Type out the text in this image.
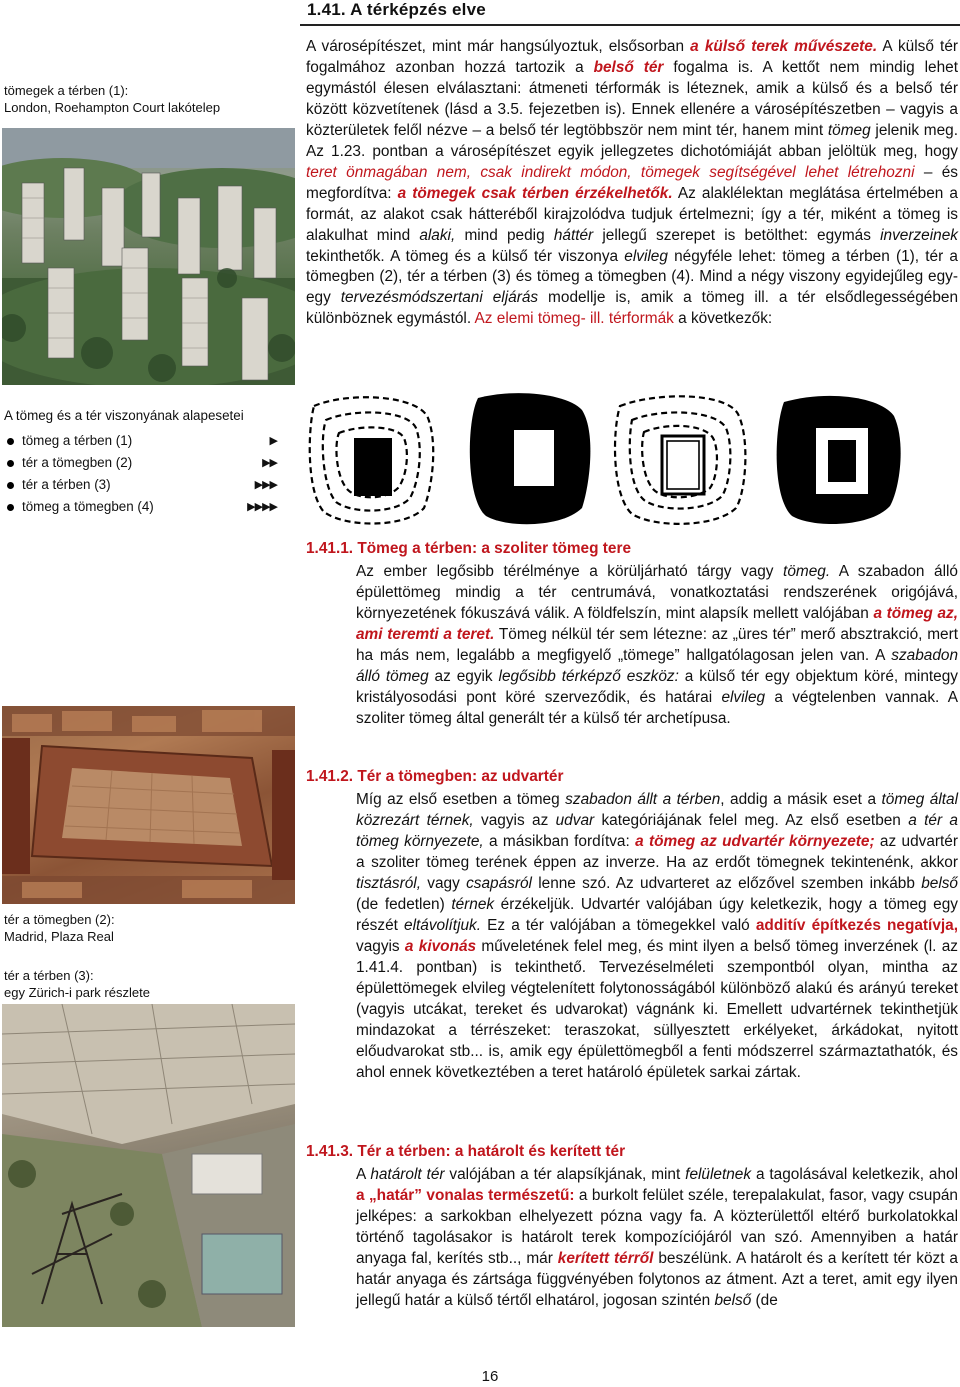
1.41. A térképzés elve
tömegek a térben (1):
London, Roehampton Court lakótelep
A városépítészet, mint már hangsúlyoztuk, elsősorban a külső terek művészete. A külső tér fogalmához azonban hozzá tartozik a belső tér fogalma is. A kettőt nem mindig lehet egymástól élesen elválasztani: átmeneti térformák is léteznek, amik a külső és a belső tér között közvetítenek (lásd a 3.5. fejezetben is). Ennek ellenére a városépítészetben – vagyis a közterületek felől nézve – a belső tér legtöbbször nem mint tér, hanem mint tömeg jelenik meg. Az 1.23. pontban a városépítészet egyik jellegzetes dichotómiáját abban jelöltük meg, hogy teret önmagában nem, csak indirekt módon, tömegek segítségével lehet létrehozni – és megfordítva: a tömegek csak térben érzékelhetők. Az alaklélektan meglátása értelmében a formát, az alakot csak hátteréből kirajzolódva tudjuk értelmezni; így a tér, miként a tömeg is alakulhat mind alaki, mind pedig háttér jellegű szerepet is betölthet: egymás inverzeinek tekinthetők. A tömeg és a külső tér viszonya elvileg négyféle lehet: tömeg a térben (1), tér a tömegben (2), tér a térben (3) és tömeg a tömegben (4). Mind a négy viszony egyidejűleg egy-egy tervezésmódszertani eljárás modellje is, amik a tömeg ill. a tér elsődlegességében különböznek egymástól. Az elemi tömeg- ill. térformák a következők:
A tömeg és a tér viszonyának alapesetei
tömeg a térben (1)	▶
tér a tömegben (2)	▶▶
tér a térben (3)	▶▶▶
tömeg a tömegben (4)	▶▶▶▶
tér a tömegben (2):
Madrid, Plaza Real
tér a térben (3):
egy Zürich-i park részlete
1.41.1. Tömeg a térben: a szoliter tömeg tere
Az ember legősibb térélménye a körüljárható tárgy vagy tömeg. A szabadon álló épülettömeg mindig a tér centrumává, vonatkoztatási rendszerének origójává, környezetének fókuszává válik. A földfelszín, mint alapsík mellett valójában a tömeg az, ami teremti a teret. Tömeg nélkül tér sem létezne: az „üres tér” merő absztrakció, mert ha más nem, legalább a megfigyelő „tömege” hallgatólagosan jelen van. A szabadon álló tömeg az egyik legősibb térképző eszköz: a külső tér egy objektum köré, mintegy kristályosodási pont köré szerveződik, és határai elvileg a végtelenben vannak. A szoliter tömeg által generált tér a külső tér archetípusa.
1.41.2. Tér a tömegben: az udvartér
Míg az első esetben a tömeg szabadon állt a térben, addig a másik eset a tömeg által közrezárt térnek, vagyis az udvar kategóriájának felel meg. Az első esetben a tér a tömeg környezete, a másikban fordítva: a tömeg az udvartér környezete; az udvartér a szoliter tömeg terének éppen az inverze. Ha az erdőt tömegnek tekintenénk, akkor tisztásról, vagy csapásról lenne szó. Az udvarteret az előzővel szemben inkább belső (de fedetlen) térnek érzékeljük. Udvartér valójában úgy keletkezik, hogy a tömeg egy részét eltávolítjuk. Ez a tér valójában a tömegekkel való additív építkezés negatívja, vagyis a kivonás műveletének felel meg, és mint ilyen a belső tömeg inverzének (l. az 1.41.4. pontban) is tekinthető. Tervezéselméleti szempontból olyan, mintha az épülettömegek elvileg végtelenített folytonosságából különböző alakú és arányú tereket (vagyis utcákat, tereket és udvarokat) vágnánk ki. Emellett udvartérnek tekinthetjük mindazokat a térrészeket: teraszokat, süllyesztett erkélyeket, árkádokat, nyitott előudvarokat stb... is, amik egy épülettömegből a fenti módszerrel származtathatók, és ahol ennek következtében a teret határoló épületek sarkai zártak.
1.41.3. Tér a térben: a határolt és kerített tér
A határolt tér valójában a tér alapsíkjának, mint felületnek a tagolásával keletkezik, ahol a „határ” vonalas természetű: a burkolt felület széle, terepalakulat, fasor, vagy csupán jelképes: a sarkokban elhelyezett pózna vagy fa. A közterülettől eltérő burkolatokkal történő tagolásakor is határolt terek kompozíciójáról van szó. Amennyiben a határ anyaga fal, kerítés stb.., már kerített térről beszélünk. A határolt és a kerített tér közt a határ anyaga és zártsága függvényében folytonos az átment. Azt a teret, amit egy ilyen jellegű határ a külső tértől elhatárol, jogosan szintén belső (de
16
